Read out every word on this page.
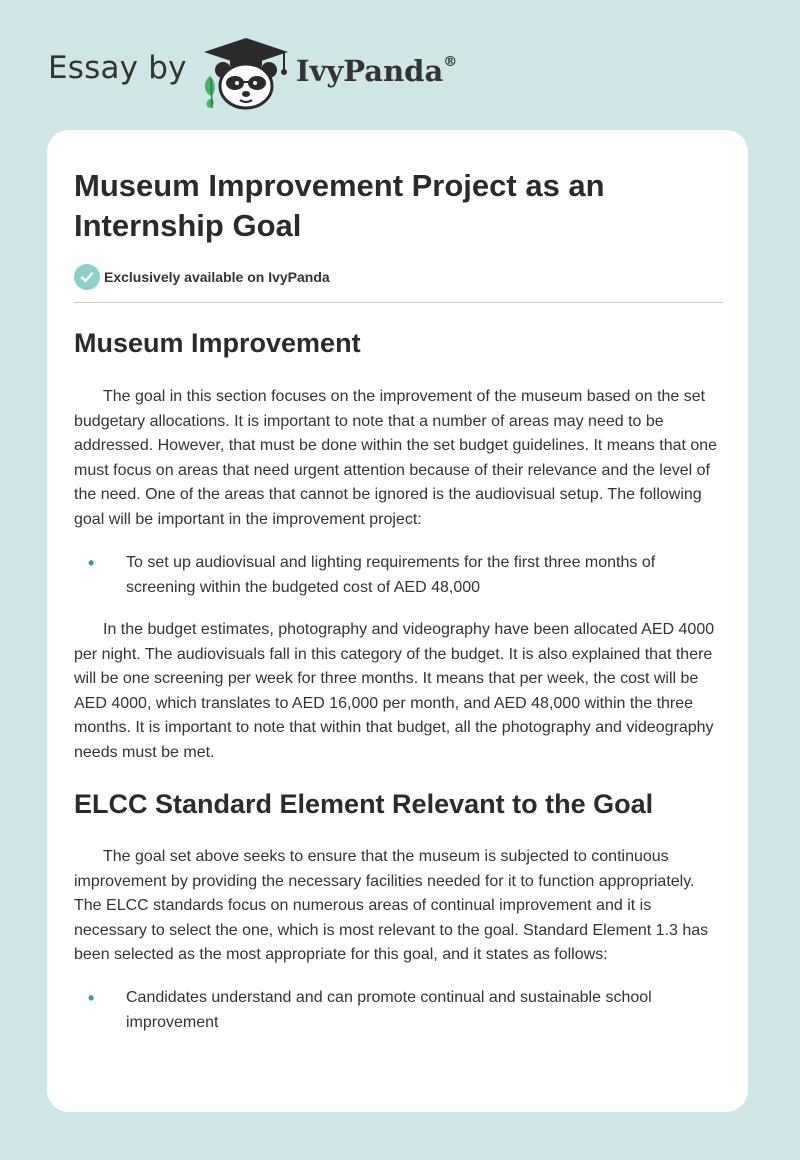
Essay by	IvyPanda®
Museum Improvement Project as an Internship Goal
Exclusively available on IvyPanda
Museum Improvement

The goal in this section focuses on the improvement of the museum based on the set budgetary allocations. It is important to note that a number of areas may need to be addressed. However, that must be done within the set budget guidelines. It means that one must focus on areas that need urgent attention because of their relevance and the level of the need. One of the areas that cannot be ignored is the audiovisual setup. The following goal will be important in the improvement project:

• To set up audiovisual and lighting requirements for the first three months of screening within the budgeted cost of AED 48,000

In the budget estimates, photography and videography have been allocated AED 4000 per night. The audiovisuals fall in this category of the budget. It is also explained that there will be one screening per week for three months. It means that per week, the cost will be AED 4000, which translates to AED 16,000 per month, and AED 48,000 within the three months. It is important to note that within that budget, all the photography and videography needs must be met.

ELCC Standard Element Relevant to the Goal

The goal set above seeks to ensure that the museum is subjected to continuous improvement by providing the necessary facilities needed for it to function appropriately. The ELCC standards focus on numerous areas of continual improvement and it is necessary to select the one, which is most relevant to the goal. Standard Element 1.3 has been selected as the most appropriate for this goal, and it states as follows:

• Candidates understand and can promote continual and sustainable school improvement
